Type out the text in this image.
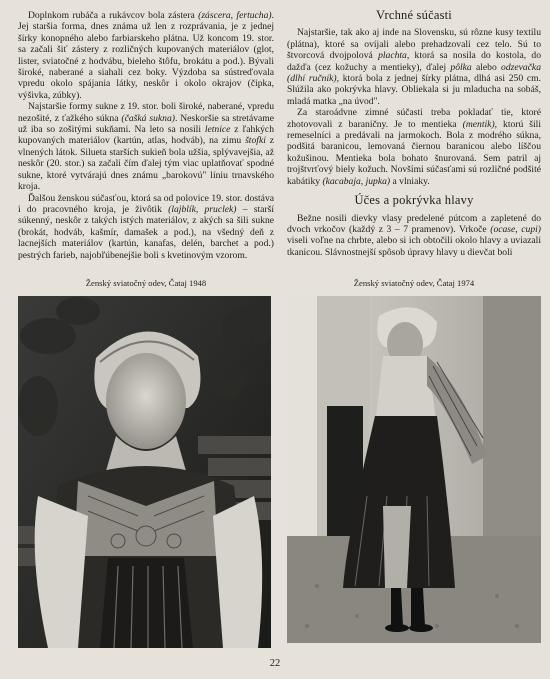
Doplnkom rubáča a rukávcov bola zástera (záscera, fertucha). Jej staršia forma, dnes známa už len z rozprávania, je z jednej šírky konopného alebo farbiarskeho plátna. Už koncom 19. stor. sa začali šiť zástery z rozličných kupovaných materiálov (glot, lister, sviatočné z hodvábu, bieleho štôfu, brokátu a pod.). Bývali široké, naberané a siahali cez boky. Výzdoba sa sústreďovala vpredu okolo spájania látky, neskôr i okolo okrajov (čipka, výšivka, zúbky).

Najstaršie formy sukne z 19. stor. boli široké, naberané, vpredu nezošité, z ťažkého súkna (čašká sukna). Neskoršie sa stretávame už iba so zošitými sukňami. Na leto sa nosili letnice z ľahkých kupovaných materiálov (kartún, atlas, hodváb), na zimu štofki z vlnených látok. Silueta starších sukieň bola užšia, splývavejšia, až neskôr (20. stor.) sa začali čím ďalej tým viac uplatňovať spodné sukne, ktoré vytvárajú dnes známu „barokovú" líniu trnavského kroja.

Ďalšou ženskou súčasťou, ktorá sa od polovice 19. stor. dostáva i do pracovného kroja, je živôtik (lajblík, pruclek) – starší súkenný, neskôr z takých istých materiálov, z akých sa šili sukne (brokát, hodváb, kašmír, damašek a pod.), na všedný deň z lacnejších materiálov (kartún, kanafas, delén, barchet a pod.) pestrých farieb, najobľúbenejšie boli s kvetinovým vzorom.

Vrchné súčasti

Najstaršie, tak ako aj inde na Slovensku, sú rôzne kusy textilu (plátna), ktoré sa ovíjali alebo prehadzovali cez telo. Sú to štvorcová dvojpolová plachta, ktorá sa nosila do kostola, do dažďa (cez kožuchy a mentieky), ďalej pôlka alebo odzevačka (dlhí ručník), ktorá bola z jednej šírky plátna, dlhá asi 250 cm. Slúžila ako pokrývka hlavy. Obliekala si ju mladucha na sobáš, mladá matka „na úvod".

Za staroádvne zimné súčasti treba pokladať tie, ktoré zhotovovali z baraničny. Je to mentieka (mentik), ktorú šili remeselníci a predávali na jarmokoch. Bola z modrého súkna, podšitá baranicou, lemovaná čiernou baranicou alebo líščou kožušinou. Mentieka bola bohato šnurovaná. Sem patril aj trojštvrťový biely kožuch. Novšími súčasťami sú rozličné podšité kabátiky (kacabaja, jupka) a vlniaky.

Účes a pokrývka hlavy

Bežne nosili dievky vlasy predelené pútcom a zapletené do dvoch vrkočov (každý z 3 – 7 pramenov). Vrkoče (ocase, cupi) viseli voľne na chrbte, alebo si ich obtočili okolo hlavy a uviazali tkanicou. Slávnostnejší spôsob úpravy hlavy u dievčat boli

Ženský sviatočný odev, Čataj 1948	Ženský sviatočný odev, Čataj 1974
22
